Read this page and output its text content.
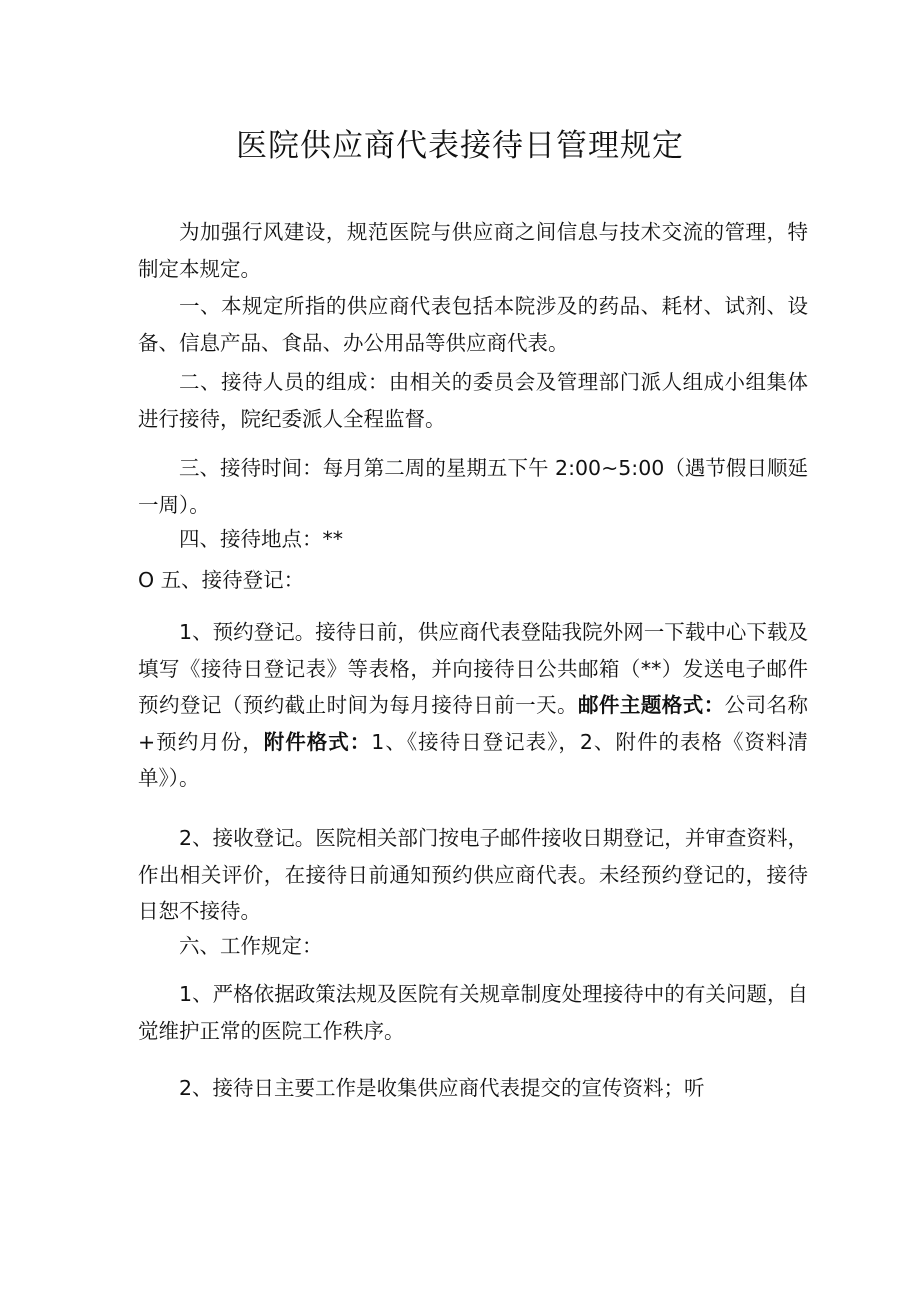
医院供应商代表接待日管理规定

为加强行风建设，规范医院与供应商之间信息与技术交流的管理，特制定本规定。

一、本规定所指的供应商代表包括本院涉及的药品、耗材、试剂、设备、信息产品、食品、办公用品等供应商代表。

二、接待人员的组成：由相关的委员会及管理部门派人组成小组集体进行接待，院纪委派人全程监督。

三、接待时间：每月第二周的星期五下午 2:00~5:00（遇节假日顺延一周）。

四、接待地点：**

O 五、接待登记：

1、预约登记。接待日前，供应商代表登陆我院外网一下载中心下载及填写《接待日登记表》等表格，并向接待日公共邮箱（**）发送电子邮件预约登记（预约截止时间为每月接待日前一天。邮件主题格式：公司名称+预约月份，附件格式：1、《接待日登记表》，2、附件的表格《资料清单》）。

2、接收登记。医院相关部门按电子邮件接收日期登记，并审查资料，作出相关评价，在接待日前通知预约供应商代表。未经预约登记的，接待日恕不接待。

六、工作规定：

1、严格依据政策法规及医院有关规章制度处理接待中的有关问题，自觉维护正常的医院工作秩序。

2、接待日主要工作是收集供应商代表提交的宣传资料；听
